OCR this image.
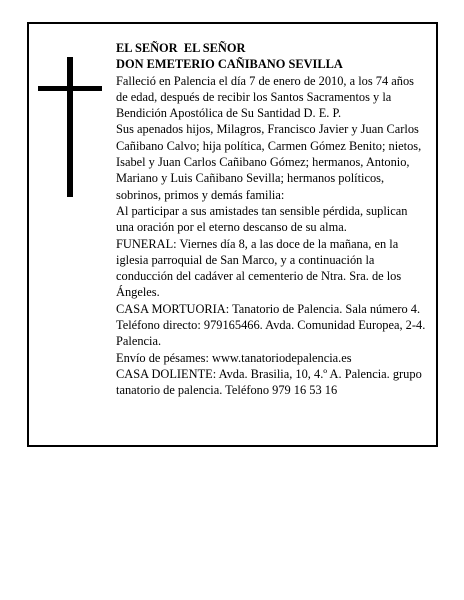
EL SEÑOR  EL SEÑOR

DON EMETERIO CAÑIBANO SEVILLA

Falleció en Palencia el día 7 de enero de 2010, a los 74 años de edad, después de recibir los Santos Sacramentos y la Bendición Apostólica de Su Santidad D. E. P.

Sus apenados hijos, Milagros, Francisco Javier y Juan Carlos Cañibano Calvo; hija política, Carmen Gómez Benito; nietos, Isabel y Juan Carlos Cañibano Gómez; hermanos, Antonio, Mariano y Luis Cañibano Sevilla; hermanos políticos, sobrinos, primos y demás familia:

Al participar a sus amistades tan sensible pérdida, suplican una oración por el eterno descanso de su alma.

FUNERAL: Viernes día 8, a las doce de la mañana, en la iglesia parroquial de San Marco, y a continuación la conducción del cadáver al cementerio de Ntra. Sra. de los Ángeles.

CASA MORTUORIA: Tanatorio de Palencia. Sala número 4. Teléfono directo: 979165466. Avda. Comunidad Europea, 2-4. Palencia.

Envío de pésames: www.tanatoriodepalencia.es

CASA DOLIENTE: Avda. Brasilia, 10, 4.º A. Palencia. grupo tanatorio de palencia. Teléfono 979 16 53 16
